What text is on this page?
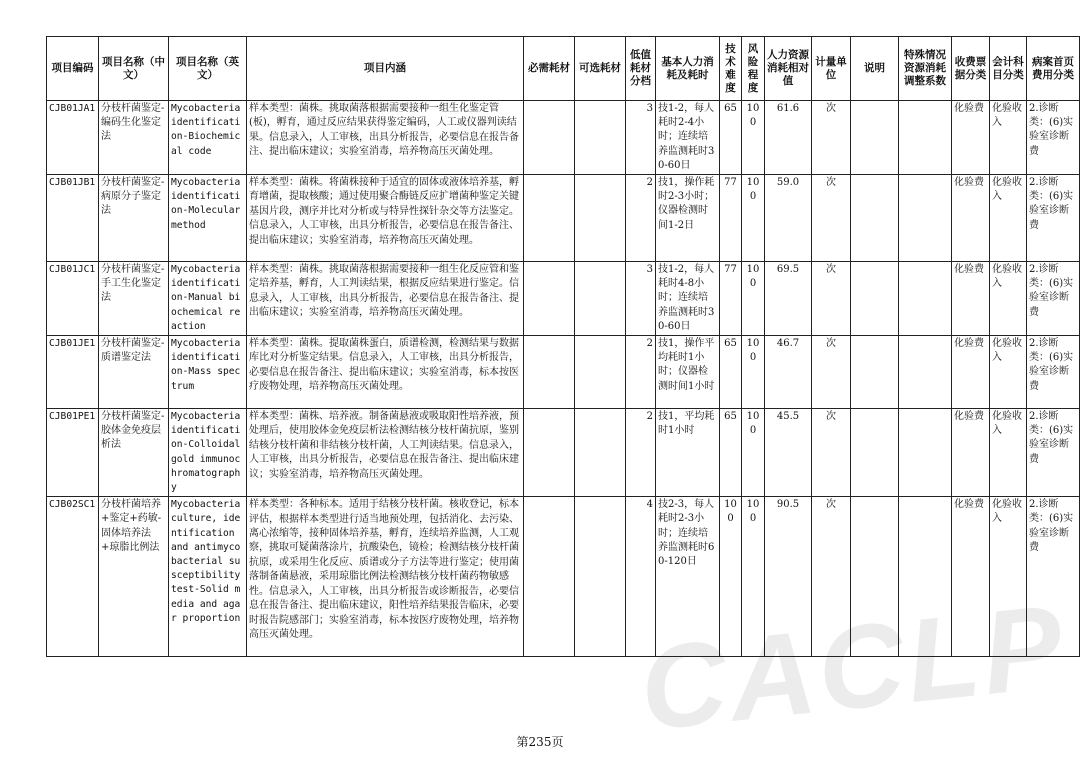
CACLP
项目编码	项目名称（中文）	项目名称（英文）	项目内涵	必需耗材	可选耗材	低值耗材分档	基本人力消耗及耗时	技术难度	风险程度	人力资源消耗相对值	计量单位	说明	特殊情况资源消耗调整系数	收费票据分类	会计科目分类	病案首页费用分类
CJB01JA1	分枝杆菌鉴定-编码生化鉴定法	Mycobacteria identification-Biochemical code	样本类型：菌株。挑取菌落根据需要接种一组生化鉴定管(板)，孵育，通过反应结果获得鉴定编码，人工或仪器判读结果。信息录入，人工审核，出具分析报告，必要信息在报告备注、提出临床建议；实验室消毒，培养物高压灭菌处理。			3	技1-2，每人耗时2-4小时；连续培养监测耗时30-60日	65	100	61.6	次			化验费	化验收入	2.诊断类：(6)实验室诊断费
CJB01JB1	分枝杆菌鉴定-病原分子鉴定法	Mycobacteria identification-Molecular method	样本类型：菌株。将菌株接种于适宜的固体或液体培养基，孵育增菌，提取核酸；通过使用聚合酶链反应扩增菌种鉴定关键基因片段，测序并比对分析或与特异性探针杂交等方法鉴定。信息录入，人工审核，出具分析报告，必要信息在报告备注、提出临床建议；实验室消毒，培养物高压灭菌处理。			2	技1，操作耗时2-3小时；仪器检测时间1-2日	77	100	59.0	次			化验费	化验收入	2.诊断类：(6)实验室诊断费
CJB01JC1	分枝杆菌鉴定-手工生化鉴定法	Mycobacteria identification-Manual biochemical reaction	样本类型：菌株。挑取菌落根据需要接种一组生化反应管和鉴定培养基，孵育，人工判读结果，根据反应结果进行鉴定。信息录入，人工审核，出具分析报告，必要信息在报告备注、提出临床建议；实验室消毒，培养物高压灭菌处理。			3	技1-2，每人耗时4-8小时；连续培养监测耗时30-60日	77	100	69.5	次			化验费	化验收入	2.诊断类：(6)实验室诊断费
CJB01JE1	分枝杆菌鉴定-质谱鉴定法	Mycobacteria identification-Mass spectrum	样本类型：菌株。提取菌株蛋白，质谱检测，检测结果与数据库比对分析鉴定结果。信息录入，人工审核，出具分析报告，必要信息在报告备注、提出临床建议；实验室消毒，标本按医疗废物处理，培养物高压灭菌处理。			2	技1，操作平均耗时1小时；仪器检测时间1小时	65	100	46.7	次			化验费	化验收入	2.诊断类：(6)实验室诊断费
CJB01PE1	分枝杆菌鉴定-胶体金免疫层析法	Mycobacteria identification-Colloidal gold immunochromatography	样本类型：菌株、培养液。制备菌悬液或吸取阳性培养液，预处理后，使用胶体金免疫层析法检测结核分枝杆菌抗原，鉴别结核分枝杆菌和非结核分枝杆菌，人工判读结果。信息录入，人工审核，出具分析报告，必要信息在报告备注、提出临床建议；实验室消毒，培养物高压灭菌处理。			2	技1，平均耗时1小时	65	100	45.5	次			化验费	化验收入	2.诊断类：(6)实验室诊断费
CJB02SC1	分枝杆菌培养+鉴定+药敏-固体培养法+琼脂比例法	Mycobacteria culture, identification and antimycobacterial susceptibility test-Solid media and agar proportion	样本类型：各种标本。适用于结核分枝杆菌。核收登记，标本评估，根据样本类型进行适当地预处理，包括消化、去污染、离心浓缩等，接种固体培养基，孵育，连续培养监测，人工观察，挑取可疑菌落涂片，抗酸染色，镜检；检测结核分枝杆菌抗原，或采用生化反应、质谱或分子方法等进行鉴定；使用菌落制备菌悬液，采用琼脂比例法检测结核分枝杆菌药物敏感性。信息录入，人工审核，出具分析报告或诊断报告，必要信息在报告备注、提出临床建议，阳性培养结果报告临床，必要时报告院感部门；实验室消毒，标本按医疗废物处理，培养物高压灭菌处理。			4	技2-3，每人耗时2-3小时；连续培养监测耗时60-120日	100	100	90.5	次			化验费	化验收入	2.诊断类：(6)实验室诊断费
第235页
